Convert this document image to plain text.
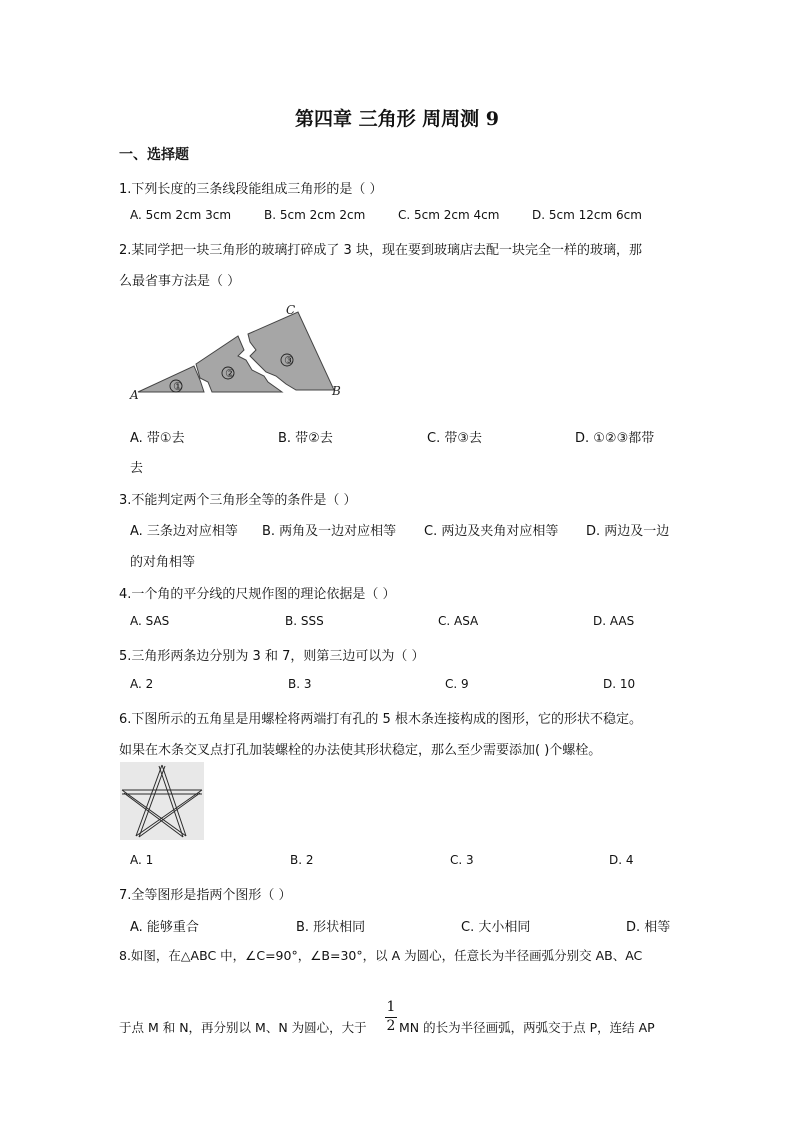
第四章 三角形 周周测 9
一、选择题
1.下列长度的三条线段能组成三角形的是（ ）
A. 5cm 2cm 3cm	B. 5cm 2cm 2cm	C. 5cm 2cm 4cm	D. 5cm 12cm 6cm
2.某同学把一块三角形的玻璃打碎成了 3 块，现在要到玻璃店去配一块完全一样的玻璃，那
么最省事方法是（ ）
①
②
③
A	B
C
A. 带①去	B. 带②去	C. 带③去	D. ①②③都带
去
3.不能判定两个三角形全等的条件是（ ）
A. 三条边对应相等 B. 两角及一边对应相等 C. 两边及夹角对应相等 D. 两边及一边
的对角相等
4.一个角的平分线的尺规作图的理论依据是（ ）
A. SAS	B. SSS	C. ASA	D. AAS
5.三角形两条边分别为 3 和 7，则第三边可以为（ ）
A. 2	B. 3	C. 9	D. 10
6.下图所示的五角星是用螺栓将两端打有孔的 5 根木条连接构成的图形，它的形状不稳定。
如果在木条交叉点打孔加装螺栓的办法使其形状稳定，那么至少需要添加( )个螺栓。
A. 1	B. 2	C. 3	D. 4
7.全等图形是指两个图形（ ）
A. 能够重合	B. 形状相同	C. 大小相同	D. 相等
8.如图，在△ABC 中，∠C=90°，∠B=30°，以 A 为圆心，任意长为半径画弧分别交 AB、AC
于点 M 和 N，再分别以 M、N 为圆心，大于
1
2 MN 的长为半径画弧，两弧交于点 P，连结 AP
